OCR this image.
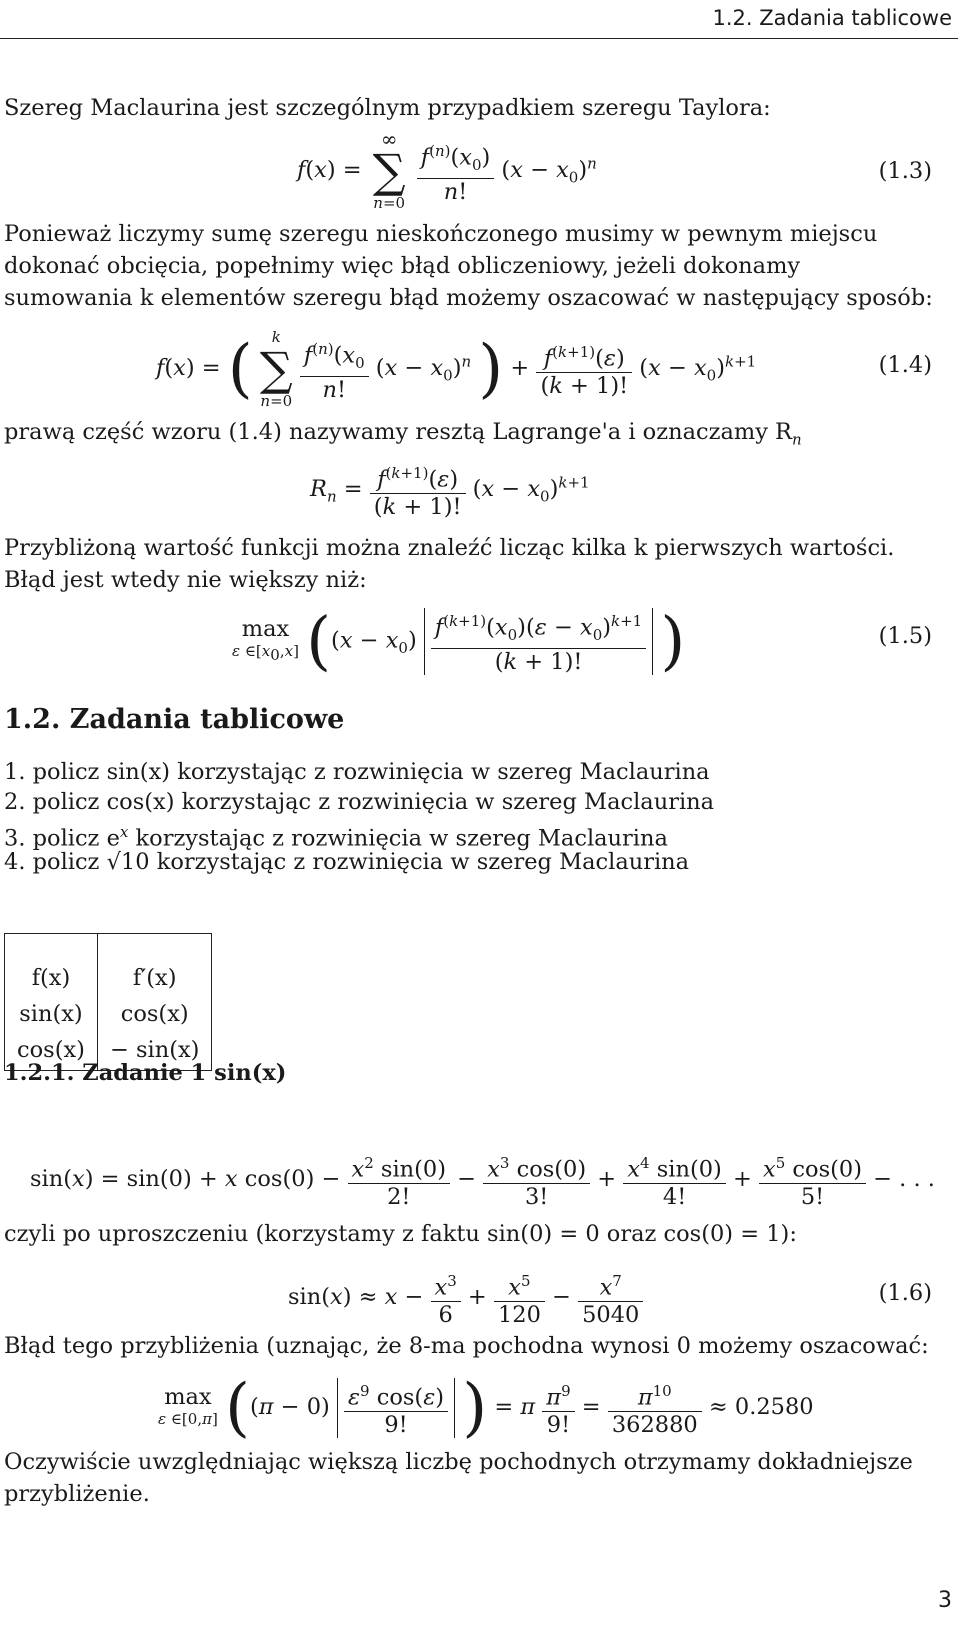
1.2. Zadania tablicowe
Szereg Maclaurina jest szczególnym przypadkiem szeregu Taylora:
f(x) =
∞
∑
n=0
$\frac{f^{(n)}(x_0)}{n!} (x - x_0)^n$	(1.3)
Ponieważ liczymy sumę szeregu nieskończonego musimy w pewnym miejscu dokonać obcięcia, popełnimy więc błąd obliczeniowy, jeżeli dokonamy sumowania k elementów szeregu błąd możemy oszacować w następujący sposób:
f(x) = (	k
∑
n=0
$\frac{f^{(n)}(x_0}{n!} (x - x_0)^n$ ) + $\frac{f^{(k+1)}(\varepsilon)}{(k + 1)!} (x - x_0)^{k+1}$	(1.4)
prawą część wzoru (1.4) nazywamy resztą Lagrange'a i oznaczamy $R_n$
$R_n = \frac{f^{(k+1)}(\varepsilon)}{(k + 1)!} (x - x_0)^{k+1}$
Przybliżoną wartość funkcji można znaleźć licząc kilka k pierwszych wartości. Błąd jest wtedy nie większy niż:
max
ε $\in[x_0,x] ((x - x_0) \frac{f^{(k+1)}(x_0)(\varepsilon - x_0)^{k+1}}{(k + 1)!}$ )	(1.5)
1.2. Zadania tablicowe
1. policz sin(x) korzystając z rozwinięcia w szereg Maclaurina
2. policz cos(x) korzystając z rozwinięcia w szereg Maclaurina
3. policz $e^x$ korzystając z rozwinięcia w szereg Maclaurina
4. policz √10 korzystając z rozwinięcia w szereg Maclaurina
f(x)	f′(x)
sin(x)	cos(x)
cos(x)	− sin(x)
1.2.1. Zadanie 1 sin(x)
sin(x) = sin(0) + x $\cos(0) - \frac{x^2 \sin(0)}{2!} - \frac{x^3 \cos(0)}{3!} + \frac{x^4 \sin(0)}{4!} + \frac{x^5 \cos(0)}{5!}$ − . . .
czyli po uproszczeniu (korzystamy z faktu sin(0) = 0 oraz cos(0) = 1):
$\sin(x) \approx x - \frac{x^3}{6} + \frac{x^5}{120} - \frac{x^7}{5040}$	(1.6)
Błąd tego przybliżenia (uznając, że 8-ma pochodna wynosi 0 możemy oszacować:
max
ε ∈[0,π] ($(\pi - 0) \frac{\varepsilon^9 \cos(\varepsilon)}{9!}$ ) = π $\frac{\pi^9}{9!} = \frac{\pi^{10}}{362880} \approx 0.2580$
Oczywiście uwzględniając większą liczbę pochodnych otrzymamy dokładniejsze przybliżenie.
3
